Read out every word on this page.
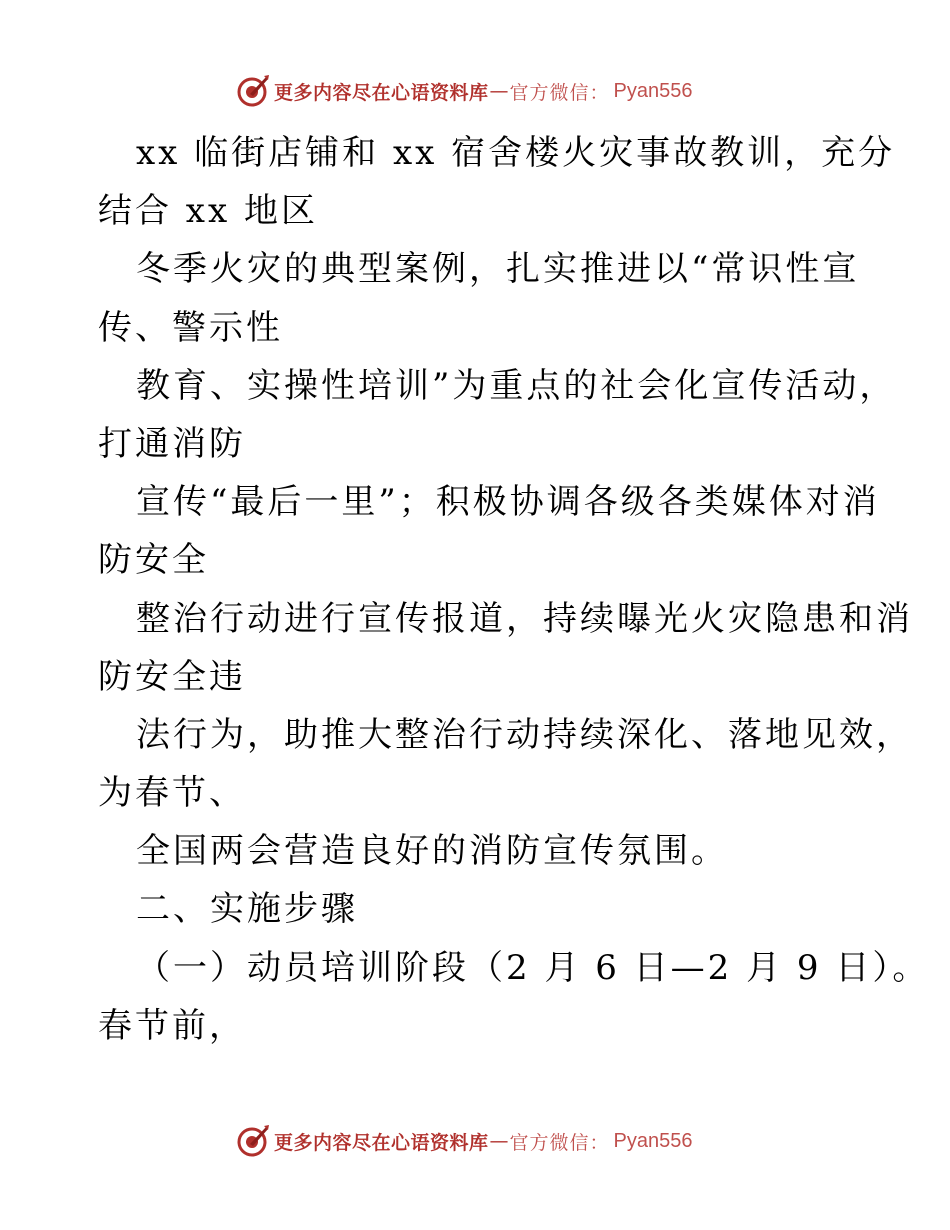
更多内容尽在心语资料库 — 官方微信： Pyan556
xx 临街店铺和 xx 宿舍楼火灾事故教训，充分
结合 xx 地区
冬季火灾的典型案例，扎实推进以“常识性宣
传、警示性
教育、实操性培训”为重点的社会化宣传活动，
打通消防
宣传“最后一里”；积极协调各级各类媒体对消
防安全
整治行动进行宣传报道，持续曝光火灾隐患和消
防安全违
法行为，助推大整治行动持续深化、落地见效，
为春节、
全国两会营造良好的消防宣传氛围。
二、实施步骤
（一）动员培训阶段（2 月 6 日—2 月 9 日）。
春节前，
更多内容尽在心语资料库 — 官方微信： Pyan556
